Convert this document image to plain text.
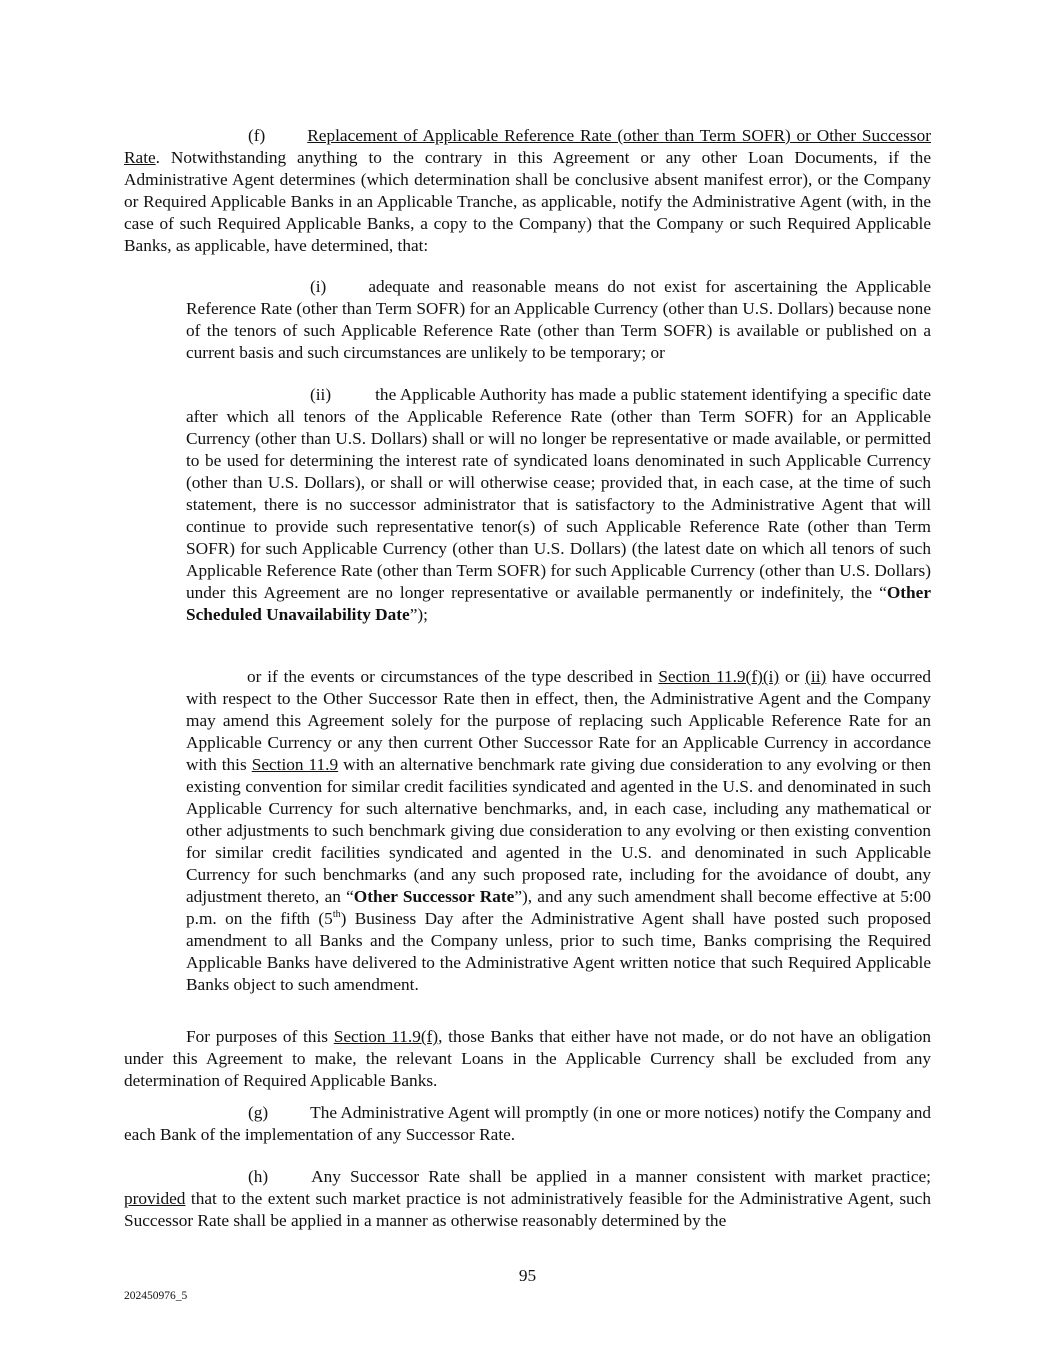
(f) Replacement of Applicable Reference Rate (other than Term SOFR) or Other Successor Rate. Notwithstanding anything to the contrary in this Agreement or any other Loan Documents, if the Administrative Agent determines (which determination shall be conclusive absent manifest error), or the Company or Required Applicable Banks in an Applicable Tranche, as applicable, notify the Administrative Agent (with, in the case of such Required Applicable Banks, a copy to the Company) that the Company or such Required Applicable Banks, as applicable, have determined, that:

(i) adequate and reasonable means do not exist for ascertaining the Applicable Reference Rate (other than Term SOFR) for an Applicable Currency (other than U.S. Dollars) because none of the tenors of such Applicable Reference Rate (other than Term SOFR) is available or published on a current basis and such circumstances are unlikely to be temporary; or

(ii)	the Applicable Authority has made a public statement identifying a specific date after which all tenors of the Applicable Reference Rate (other than Term SOFR) for an Applicable Currency (other than U.S. Dollars) shall or will no longer be representative or made available, or permitted to be used for determining the interest rate of syndicated loans denominated in such Applicable Currency (other than U.S. Dollars), or shall or will otherwise cease; provided that, in each case, at the time of such statement, there is no successor administrator that is satisfactory to the Administrative Agent that will continue to provide such representative tenor(s) of such Applicable Reference Rate (other than Term SOFR) for such Applicable Currency (other than U.S. Dollars) (the latest date on which all tenors of such Applicable Reference Rate (other than Term SOFR) for such Applicable Currency (other than U.S. Dollars) under this Agreement are no longer representative or available permanently or indefinitely, the “Other Scheduled Unavailability Date”);

or if the events or circumstances of the type described in Section 11.9(f)(i) or (ii) have occurred with respect to the Other Successor Rate then in effect, then, the Administrative Agent and the Company may amend this Agreement solely for the purpose of replacing such Applicable Reference Rate for an Applicable Currency or any then current Other Successor Rate for an Applicable Currency in accordance with this Section 11.9 with an alternative benchmark rate giving due consideration to any evolving or then existing convention for similar credit facilities syndicated and agented in the U.S. and denominated in such Applicable Currency for such alternative benchmarks, and, in each case, including any mathematical or other adjustments to such benchmark giving due consideration to any evolving or then existing convention for similar credit facilities syndicated and agented in the U.S. and denominated in such Applicable Currency for such benchmarks (and any such proposed rate, including for the avoidance of doubt, any adjustment thereto, an “Other Successor Rate”), and any such amendment shall become effective at 5:00 p.m. on the fifth (5th) Business Day after the Administrative Agent shall have posted such proposed amendment to all Banks and the Company unless, prior to such time, Banks comprising the Required Applicable Banks have delivered to the Administrative Agent written notice that such Required Applicable Banks object to such amendment.

For purposes of this Section 11.9(f), those Banks that either have not made, or do not have an obligation under this Agreement to make, the relevant Loans in the Applicable Currency shall be excluded from any determination of Required Applicable Banks.

(g) The Administrative Agent will promptly (in one or more notices) notify the Company and each Bank of the implementation of any Successor Rate.

(h) Any Successor Rate shall be applied in a manner consistent with market practice; provided that to the extent such market practice is not administratively feasible for the Administrative Agent, such Successor Rate shall be applied in a manner as otherwise reasonably determined by the

95
202450976_5
